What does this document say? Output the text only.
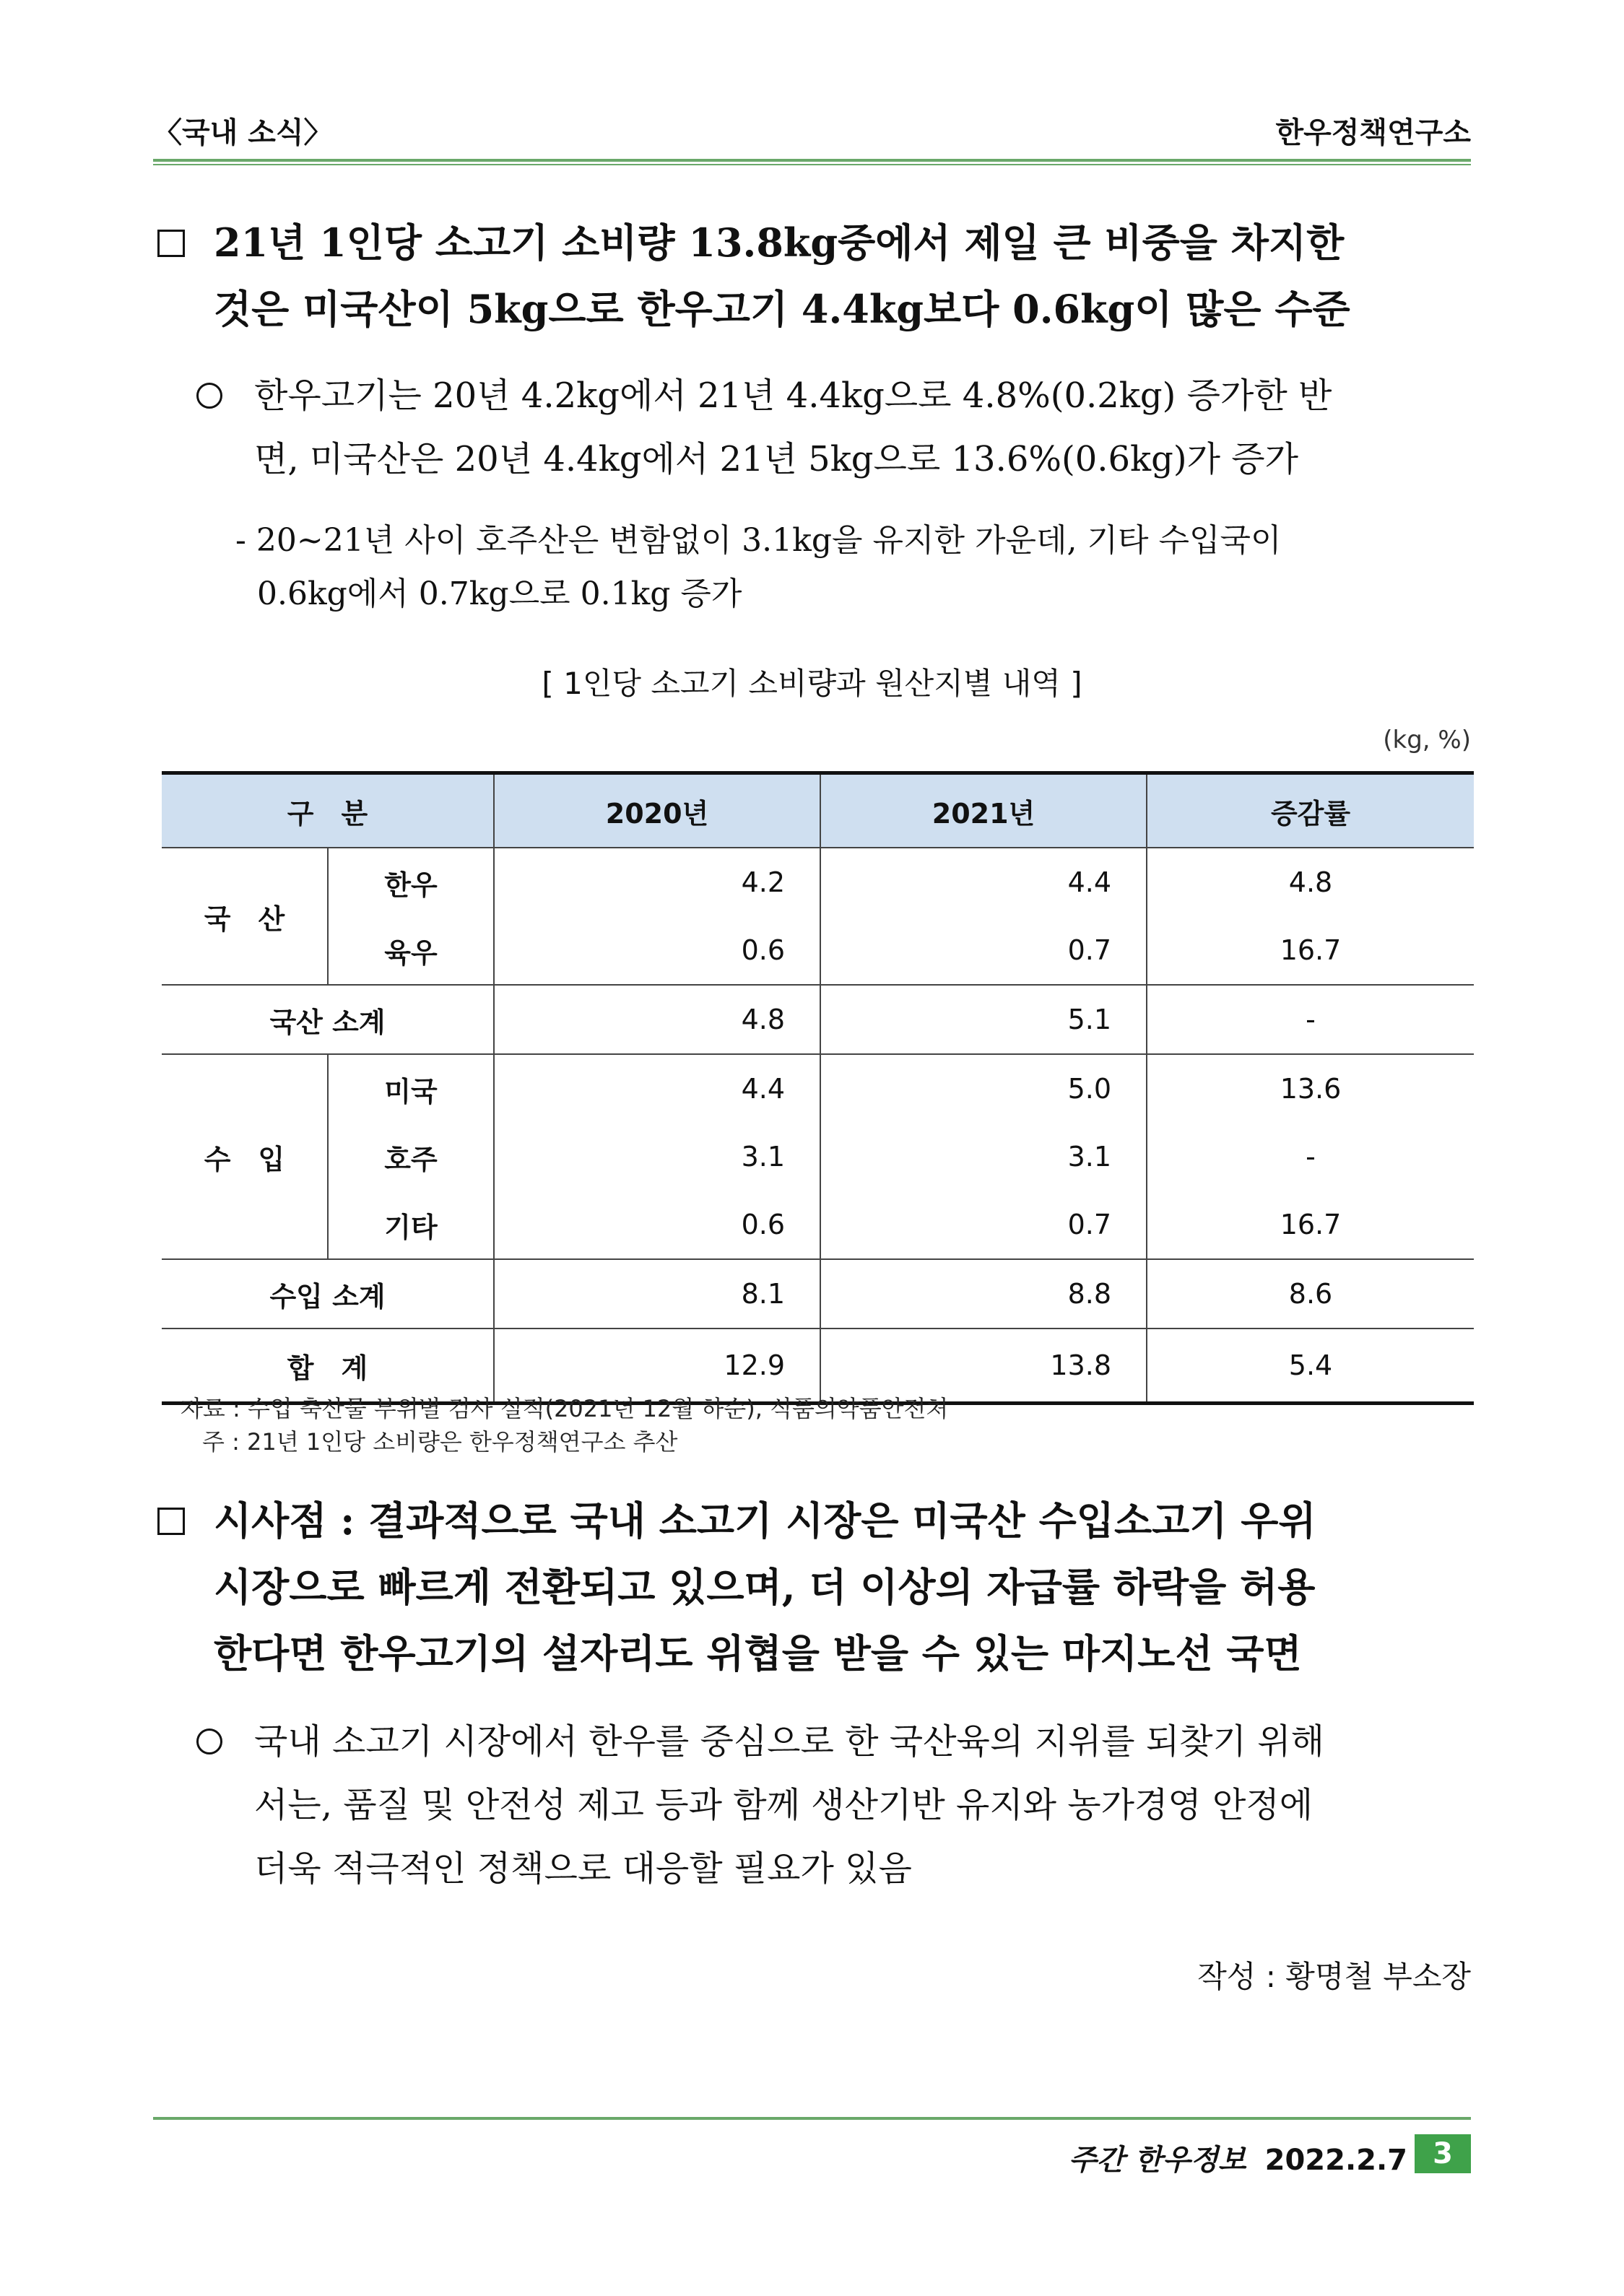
〈국내 소식〉	한우정책연구소
21년 1인당 소고기 소비량 13.8kg중에서 제일 큰 비중을 차지한
것은 미국산이 5kg으로 한우고기 4.4kg보다 0.6kg이 많은 수준
한우고기는 20년 4.2kg에서 21년 4.4kg으로 4.8%(0.2kg) 증가한 반
면, 미국산은 20년 4.4kg에서 21년 5kg으로 13.6%(0.6kg)가 증가
- 20~21년 사이 호주산은 변함없이 3.1kg을 유지한 가운데, 기타 수입국이
0.6kg에서 0.7kg으로 0.1kg 증가
[ 1인당 소고기 소비량과 원산지별 내역 ]
(kg, %)
구　분		2020년	2021년	증감률
국　산	한우	4.2	4.4	4.8
	육우	0.6	0.7	16.7
국산 소계		4.8	5.1	-
수　입	미국	4.4	5.0	13.6
	호주	3.1	3.1	-
	기타	0.6	0.7	16.7
수입 소계		8.1	8.8	8.6
합　계		12.9	13.8	5.4
자료 : 수입 축산물 부위별 검사 실적(2021년 12월 하순), 식품의약품안전처
주 : 21년 1인당 소비량은 한우정책연구소 추산
시사점 : 결과적으로 국내 소고기 시장은 미국산 수입소고기 우위
시장으로 빠르게 전환되고 있으며, 더 이상의 자급률 하락을 허용
한다면 한우고기의 설자리도 위협을 받을 수 있는 마지노선 국면
국내 소고기 시장에서 한우를 중심으로 한 국산육의 지위를 되찾기 위해
서는, 품질 및 안전성 제고 등과 함께 생산기반 유지와 농가경영 안정에
더욱 적극적인 정책으로 대응할 필요가 있음
작성 : 황명철 부소장
주간 한우정보 2022.2.7 3
